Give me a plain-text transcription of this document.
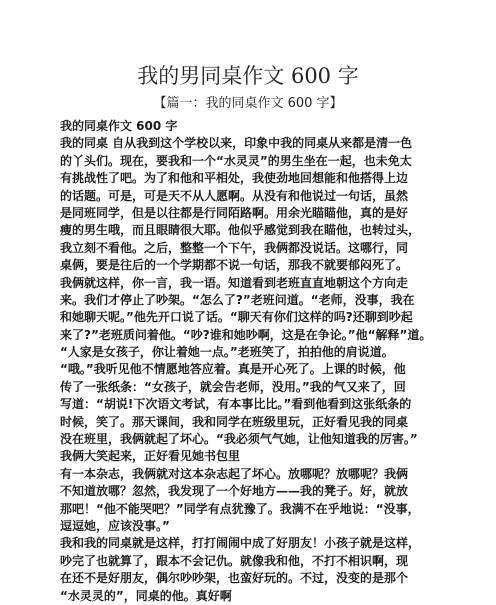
我的男同桌作文 600 字
【篇一：我的同桌作文 600 字】
我的同桌作文 600 字
我的同桌 自从我到这个学校以来，印象中我的同桌从来都是清一色
的丫头们。现在，要我和一个“水灵灵”的男生坐在一起，也未免太
有挑战性了吧。为了和他和平相处，我使劲地回想能和他搭得上边
的话题。可是，可是天不从人愿啊。从没有和他说过一句话，虽然
是同班同学，但是以往都是行同陌路啊。用余光瞄瞄他，真的是好
瘦的男生哦，而且眼睛很大耶。他似乎感觉到我在瞄他，也转过头，
我立刻不看他。之后，整整一个下午，我俩都没说话。这哪行，同
桌俩，要是往后的一个学期都不说一句话，那我不就要郁闷死了。
我俩就这样，你一言，我一语。知道看到老班直直地朝这个方向走
来。我们才停止了吵架。“怎么了?”老班问道。“老师，没事，我在
和她聊天呢。”他先开口说了话。“聊天有你们这样的吗?还聊到吵起
来了?”老班质问着他。“吵?谁和她吵啊，这是在争论。”他“解释”道。
“人家是女孩子，你让着她一点。”老班笑了，拍拍他的肩说道。
“哦。”我听见他不情愿地答应着。真是开心死了。上课的时候，他
传了一张纸条：“女孩子，就会告老师，没用。”我的气又来了，回
写道：“胡说!下次语文考试，有本事比比。”看到他看到这张纸条的
时候，笑了。那天课间，我和同学在班级里玩，正好看见我的同桌
没在班里，我俩就起了坏心。“我必须气气她，让他知道我的厉害。”
我俩大笑起来，正好看见她书包里
有一本杂志，我俩就对这本杂志起了坏心。放哪呢？放哪呢？我俩
不知道放哪？忽然，我发现了一个好地方——我的凳子。好，就放
那吧！“他不能哭吧？”同学有点犹豫了。我满不在乎地说：“没事，
逗逗她，应该没事。”
我和我的同桌就是这样，打打闹闹中成了好朋友！小孩子就是这样，
吵完了也就算了，跟本不会记仇。就像我和他，不打不相识啊，现
在还不是好朋友，偶尔吵吵架，也蛮好玩的。不过，没变的是那个
“水灵灵的”，同桌的他。真好啊
